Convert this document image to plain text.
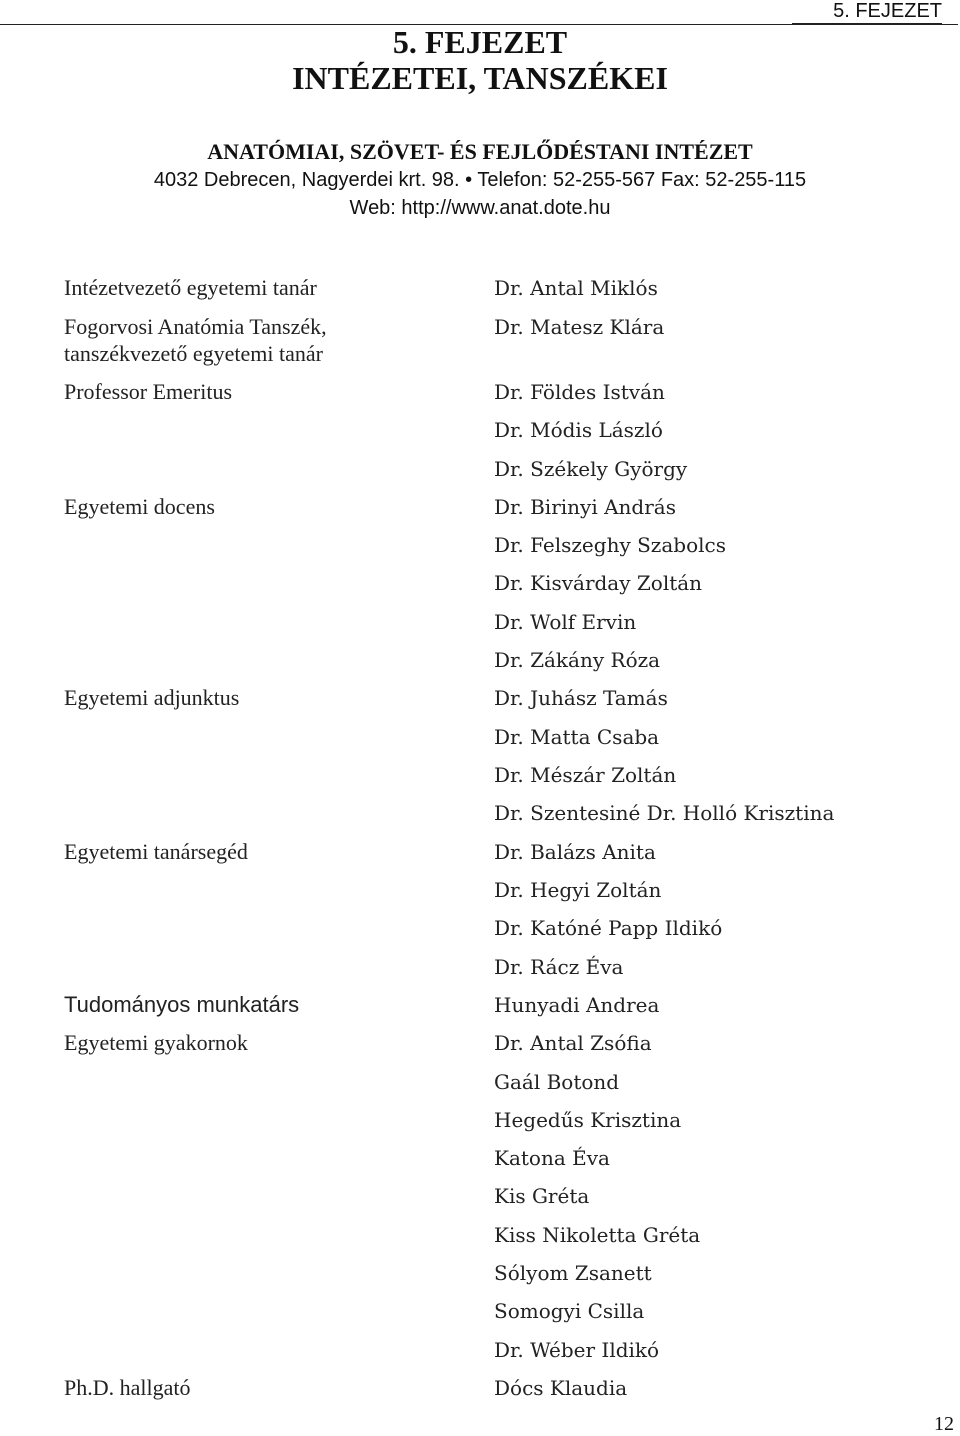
5. FEJEZET
5. FEJEZET
INTÉZETEI, TANSZÉKEI
ANATÓMIAI, SZÖVET- ÉS FEJLŐDÉSTANI INTÉZET
4032 Debrecen, Nagyerdei krt. 98. • Telefon: 52-255-567 Fax: 52-255-115
Web: http://www.anat.dote.hu
Intézetvezető egyetemi tanár
Fogorvosi Anatómia Tanszék,
tanszékvezető egyetemi tanár
Professor Emeritus
Egyetemi docens
Egyetemi adjunktus
Egyetemi tanársegéd
Tudományos munkatárs
Egyetemi gyakornok
Ph.D. hallgató
Dr. Antal Miklós
Dr. Matesz Klára
Dr. Földes István
Dr. Módis László
Dr. Székely György
Dr. Birinyi András
Dr. Felszeghy Szabolcs
Dr. Kisvárday Zoltán
Dr. Wolf Ervin
Dr. Zákány Róza
Dr. Juhász Tamás
Dr. Matta Csaba
Dr. Mészár Zoltán
Dr. Szentesiné Dr. Holló Krisztina
Dr. Balázs Anita
Dr. Hegyi Zoltán
Dr. Katóné Papp Ildikó
Dr. Rácz Éva
Hunyadi Andrea
Dr. Antal Zsófia
Gaál Botond
Hegedűs Krisztina
Katona Éva
Kis Gréta
Kiss Nikoletta Gréta
Sólyom Zsanett
Somogyi Csilla
Dr. Wéber Ildikó
Dócs Klaudia
12
